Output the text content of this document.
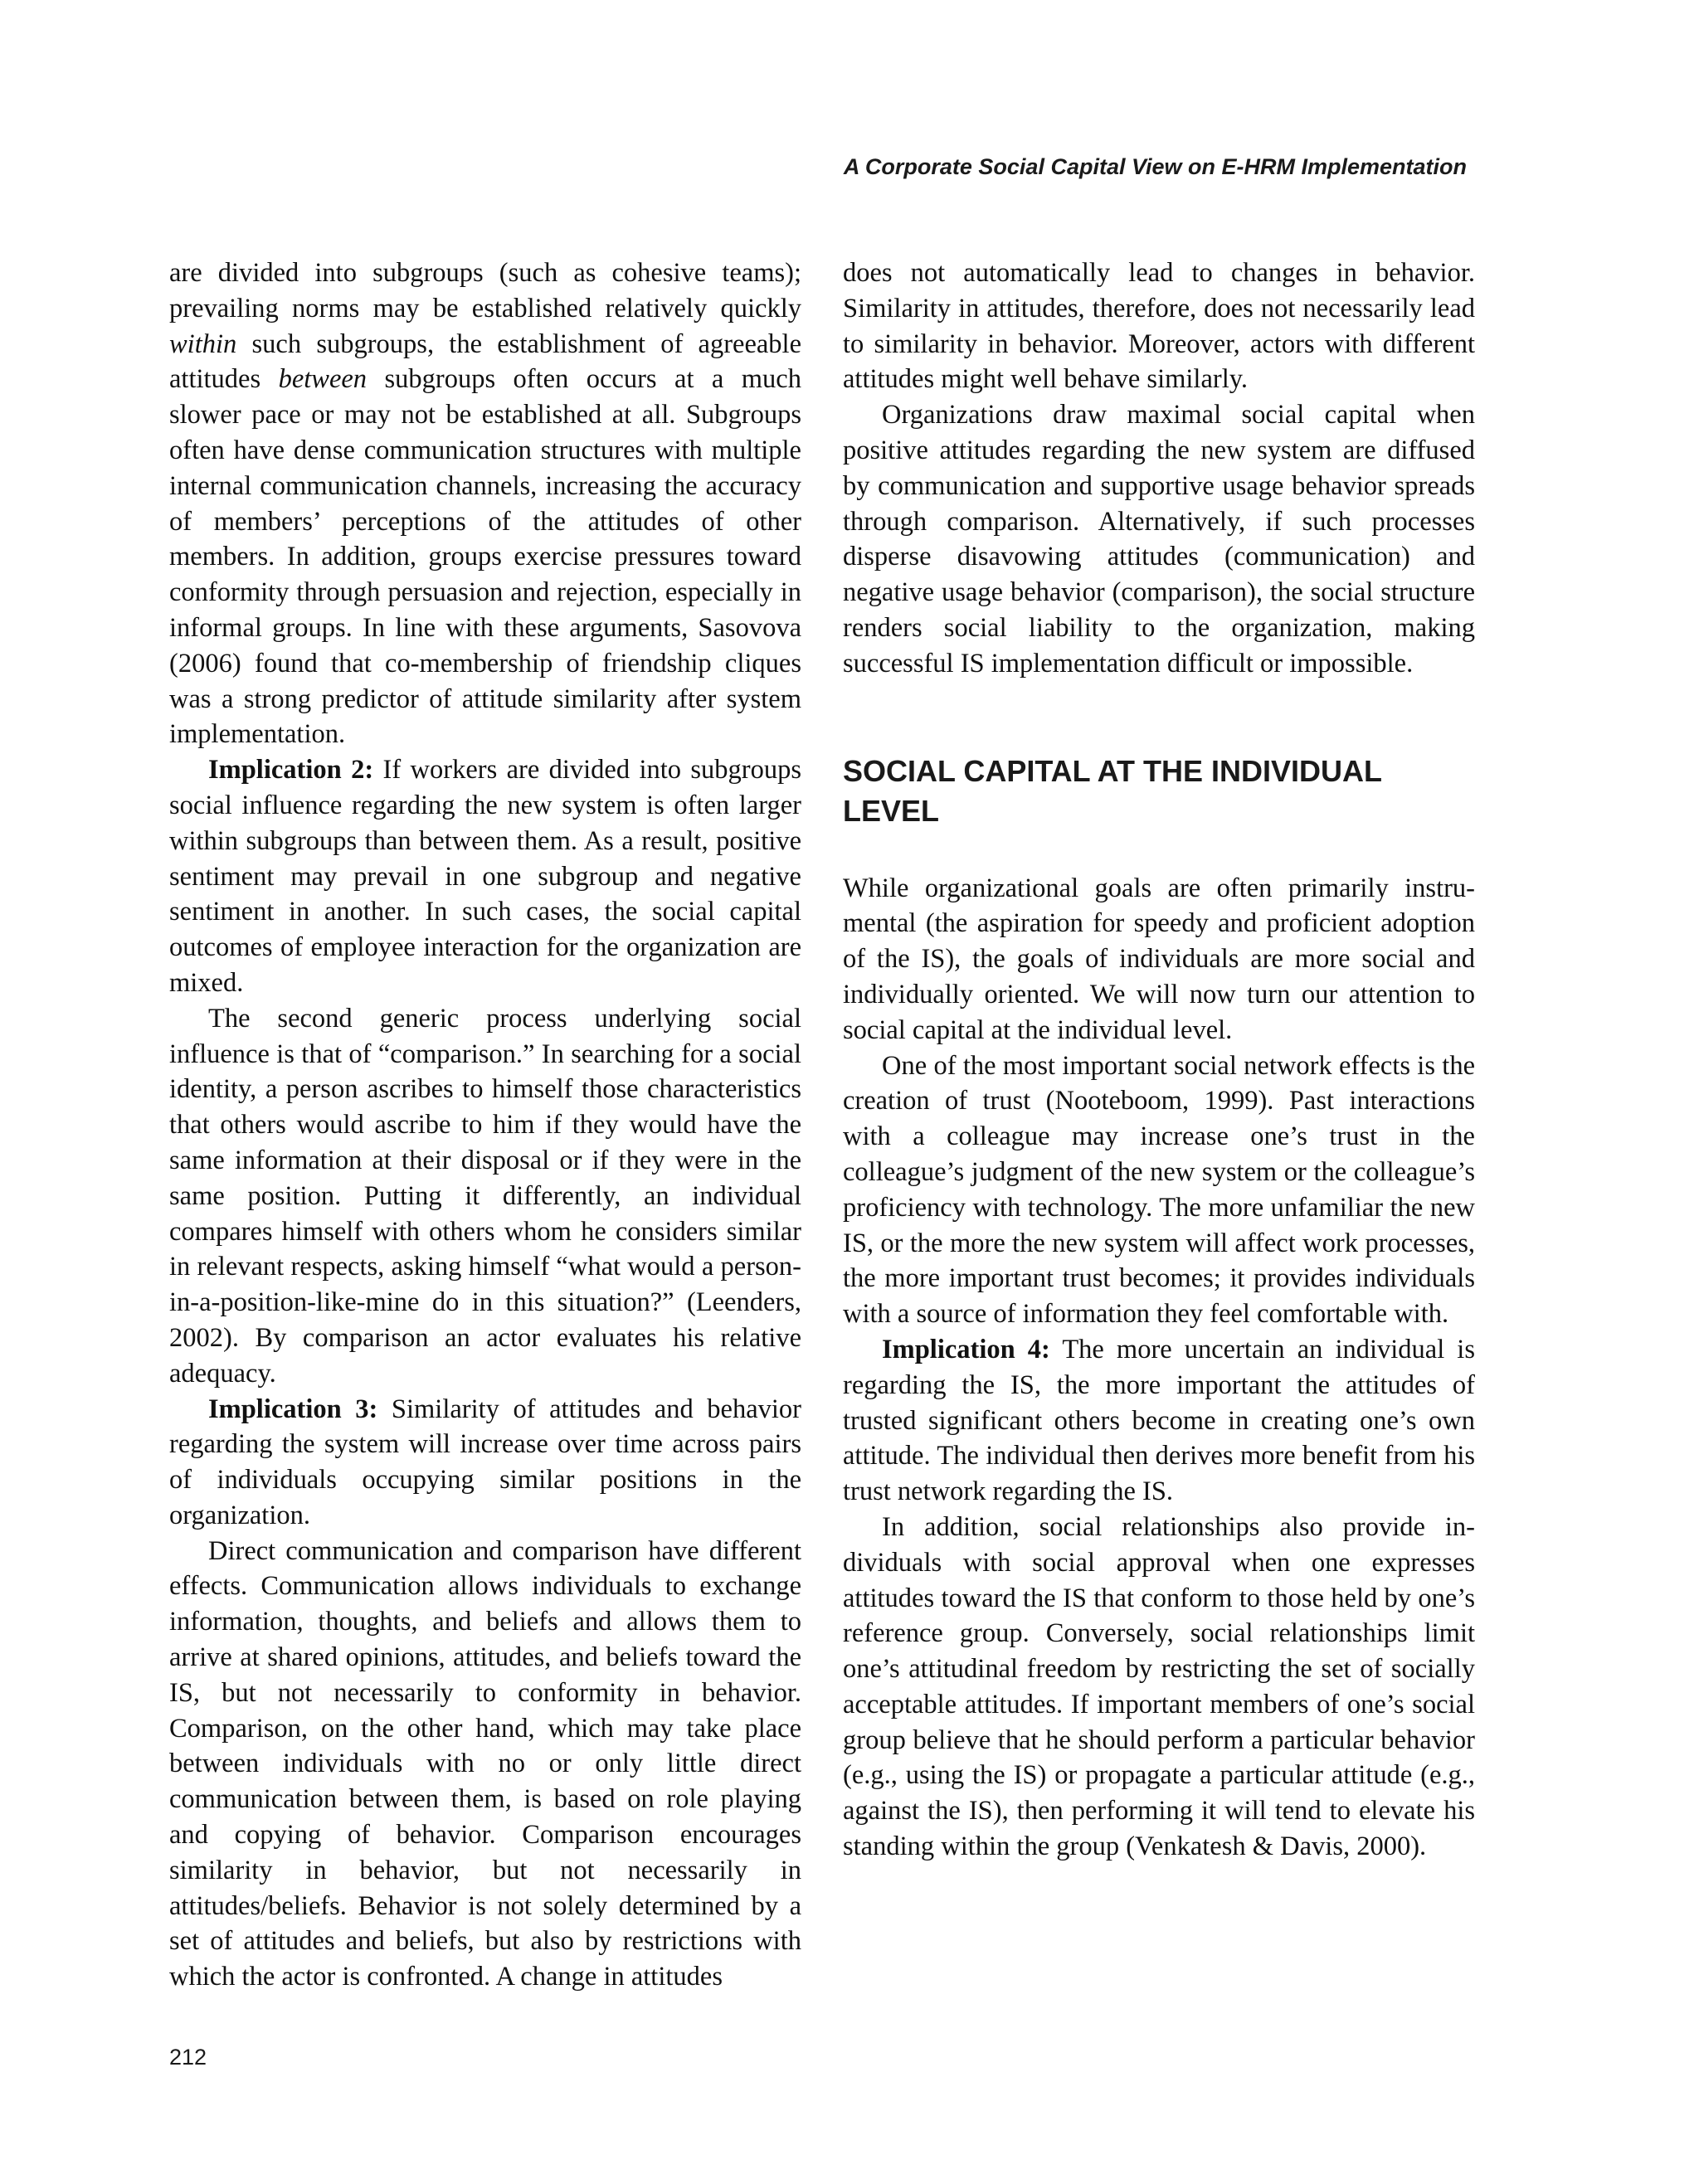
A Corporate Social Capital View on E-HRM Implementation

are divided into subgroups (such as cohesive teams); prevailing norms may be established relatively quickly within such subgroups, the establishment of agreeable attitudes between subgroups often occurs at a much slower pace or may not be established at all. Subgroups often have dense communication structures with multiple internal communication channels, increasing the accuracy of members’ perceptions of the attitudes of other members. In addition, groups exercise pressures toward conformity through persuasion and rejection, especially in informal groups. In line with these arguments, Sasovova (2006) found that co-membership of friendship cliques was a strong predictor of attitude similarity after system implementation.

Implication 2: If workers are divided into subgroups social influence regarding the new system is often larger within subgroups than between them. As a result, positive sentiment may prevail in one subgroup and negative sentiment in another. In such cases, the social capital outcomes of employee interaction for the organization are mixed.

The second generic process underlying social influence is that of “comparison.” In searching for a social identity, a person ascribes to himself those characteristics that others would ascribe to him if they would have the same information at their disposal or if they were in the same position. Putting it differently, an individual compares himself with others whom he considers similar in relevant respects, asking himself “what would a person-in-a-position-like-mine do in this situation?” (Leenders, 2002). By comparison an actor evaluates his relative adequacy.

Implication 3: Similarity of attitudes and behavior regarding the system will increase over time across pairs of individuals occupying similar positions in the organization.

Direct communication and comparison have different effects. Communication allows individuals to exchange information, thoughts, and beliefs and allows them to arrive at shared opinions, attitudes, and beliefs toward the IS, but not necessarily to conformity in behavior. Comparison, on the other hand, which may take place between individuals with no or only little direct communication between them, is based on role playing and copying of behavior. Comparison encourages similarity in behavior, but not necessarily in attitudes/beliefs. Behavior is not solely determined by a set of attitudes and beliefs, but also by restrictions with which the actor is confronted. A change in attitudes

does not automatically lead to changes in behavior. Similarity in attitudes, therefore, does not necessarily lead to similarity in behavior. Moreover, actors with different attitudes might well behave similarly.

Organizations draw maximal social capital when positive attitudes regarding the new system are diffused by communication and supportive usage behavior spreads through comparison. Alternatively, if such processes disperse disavowing attitudes (communication) and negative usage behavior (comparison), the social structure renders social liability to the organization, making successful IS implementation difficult or impossible.

SOCIAL CAPITAL AT THE INDIVIDUAL LEVEL

While organizational goals are often primarily instrumental (the aspiration for speedy and proficient adoption of the IS), the goals of individuals are more social and individually oriented. We will now turn our attention to social capital at the individual level.

One of the most important social network effects is the creation of trust (Nooteboom, 1999). Past interactions with a colleague may increase one’s trust in the colleague’s judgment of the new system or the colleague’s proficiency with technology. The more unfamiliar the new IS, or the more the new system will affect work processes, the more important trust becomes; it provides individuals with a source of information they feel comfortable with.

Implication 4: The more uncertain an individual is regarding the IS, the more important the attitudes of trusted significant others become in creating one’s own attitude. The individual then derives more benefit from his trust network regarding the IS.

In addition, social relationships also provide individuals with social approval when one expresses attitudes toward the IS that conform to those held by one’s reference group. Conversely, social relationships limit one’s attitudinal freedom by restricting the set of socially acceptable attitudes. If important members of one’s social group believe that he should perform a particular behavior (e.g., using the IS) or propagate a particular attitude (e.g., against the IS), then performing it will tend to elevate his standing within the group (Venkatesh & Davis, 2000).

212
